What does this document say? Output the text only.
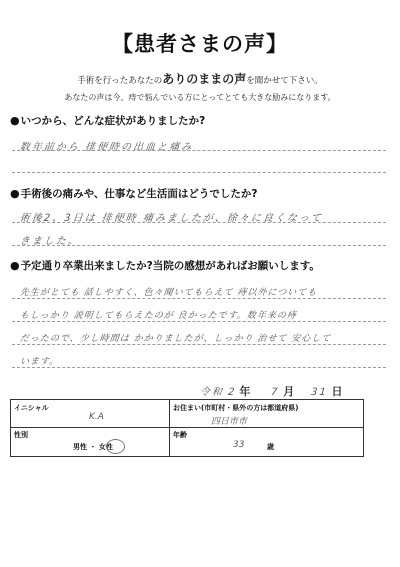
【患者さまの声】
手術を行ったあなたのありのままの声を聞かせて下さい。
あなたの声は今、痔で悩んでいる方にとってとても大きな励みになります。
●いつから、どんな症状がありましたか?
数年前から 排便時の出血と痛み
●手術後の痛みや、仕事など生活面はどうでしたか?
術後2、3日は 排便時 痛みましたが、徐々に良くなって
きました。
●予定通り卒業出来ましたか?当院の感想があればお願いします。
先生がとても 話しやすく、色々聞いてもらえて 痔以外についても
もしっかり 説明してもらえたのが 良かったです。数年来の痔
だったので、少し時間は かかりましたが、しっかり 治せて 安心して
います。
令和 2 年 7 月 31 日
イニシャル
K.A
お住まい(市町村・県外の方は都道府県)
四日市市
性別
男性 ・ 女性
年齢
33	歳
